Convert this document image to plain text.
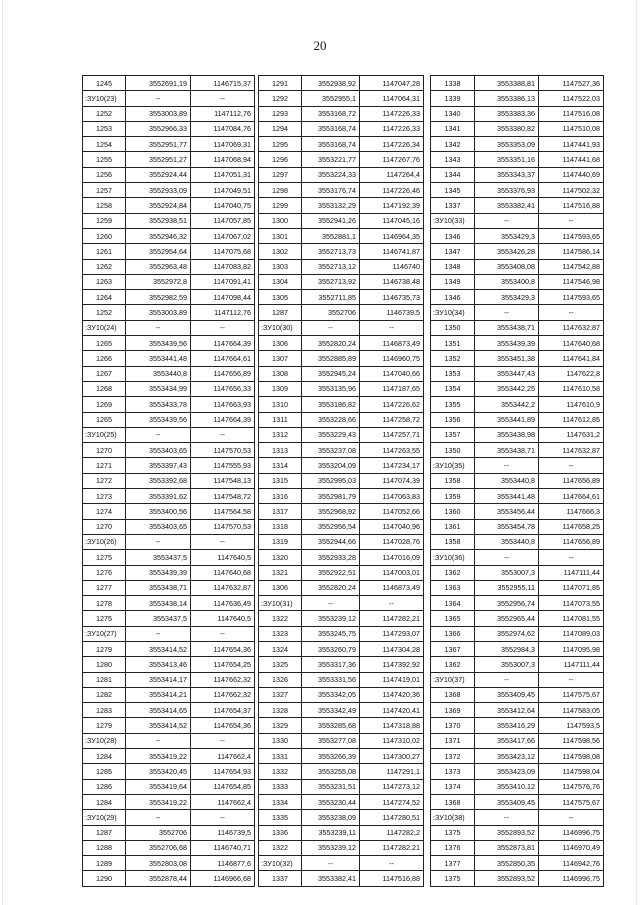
20
1245	3552691,19	1146715,37
:ЗУ10(23)	--	--
1252	3553003,89	1147112,76
1253	3552966,33	1147084,76
1254	3552951,77	1147069,31
1255	3552951,27	1147068,94
1256	3552924,44	1147051,31
1257	3552933,09	1147049,51
1258	3552924,84	1147040,75
1259	3552938,51	1147057,85
1260	3552946,32	1147067,02
1261	3552954,64	1147075,68
1262	3552963,48	1147083,82
1263	3552972,8	1147091,41
1264	3552982,59	1147098,44
1252	3553003,89	1147112,76
:ЗУ10(24)	--	--
1265	3553439,56	1147664,39
1266	3553441,48	1147664,61
1267	3553440,8	1147656,89
1268	3553434,99	1147656,33
1269	3553433,78	1147663,93
1265	3553439,56	1147664,39
:ЗУ10(25)	--	--
1270	3553403,65	1147570,53
1271	3553397,43	1147555,93
1272	3553392,68	1147548,13
1273	3553391,62	1147548,72
1274	3553400,56	1147564,58
1270	3553403,65	1147570,53
:ЗУ10(26)	--	--
1275	3553437,5	1147640,5
1276	3553439,39	1147640,68
1277	3553438,71	1147632,87
1278	3553438,14	1147636,49
1275	3553437,5	1147640,5
:ЗУ10(27)	--	--
1279	3553414,52	1147654,36
1280	3553413,46	1147654,25
1281	3553414,17	1147662,32
1282	3553414,21	1147662,32
1283	3553414,65	1147654,37
1279	3553414,52	1147654,36
:ЗУ10(28)	--	--
1284	3553419,22	1147662,4
1285	3553420,45	1147654,93
1286	3553419,64	1147654,85
1284	3553419,22	1147662,4
:ЗУ10(29)	--	--
1287	3552706	1146739,5
1288	3552706,68	1146740,71
1289	3552803,08	1146877,6
1290	3552878,44	1146966,68
1291	3552938,92	1147047,28
1292	3552955,1	1147064,31
1293	3553168,72	1147226,33
1294	3553168,74	1147226,33
1295	3553168,74	1147226,34
1296	3553221,77	1147267,76
1297	3553224,33	1147264,4
1298	3553176,74	1147226,46
1299	3553132,29	1147192,39
1300	3552941,26	1147045,16
1301	3552881,1	1146964,35
1302	3552713,73	1146741,87
1303	3552713,12	1146740
1304	3552713,92	1146738,48
1305	3552711,85	1146735,73
1287	3552706	1146739,5
:ЗУ10(30)	--	--
1306	3552820,24	1146873,49
1307	3552885,89	1146960,75
1308	3552945,24	1147040,66
1309	3553135,96	1147187,65
1310	3553186,82	1147226,62
1311	3553228,66	1147258,72
1312	3553229,43	1147257,71
1313	3553237,08	1147263,55
1314	3553204,09	1147234,17
1315	3552995,03	1147074,39
1316	3552981,79	1147063,83
1317	3552968,92	1147052,66
1318	3552956,54	1147040,96
1319	3552944,66	1147028,76
1320	3552933,28	1147016,09
1321	3552922,51	1147003,01
1306	3552820,24	1146873,49
:ЗУ10(31)	--	--
1322	3553239,12	1147282,21
1323	3553245,75	1147293,07
1324	3553260,79	1147304,28
1325	3553317,36	1147392,92
1326	3553331,56	1147419,01
1327	3553342,05	1147420,36
1328	3553342,49	1147420,41
1329	3553285,68	1147318,88
1330	3553277,08	1147310,02
1331	3553266,39	1147300,27
1332	3553255,08	1147291,1
1333	3553231,51	1147273,12
1334	3553230,44	1147274,52
1335	3553238,09	1147280,51
1336	3553239,11	1147282,2
1322	3553239,12	1147282,21
:ЗУ10(32)	--	--
1337	3553382,41	1147516,88
1338	3553388,81	1147527,36
1339	3553386,13	1147522,03
1340	3553383,36	1147516,08
1341	3553380,82	1147510,08
1342	3553353,09	1147441,93
1343	3553351,16	1147441,68
1344	3553343,37	1147440,69
1345	3553376,93	1147502,32
1337	3553382,41	1147516,88
:ЗУ10(33)	--	--
1346	3553429,3	1147593,65
1347	3553426,28	1147586,14
1348	3553408,08	1147542,88
1349	3553400,8	1147546,98
1346	3553429,3	1147593,65
:ЗУ10(34)	--	--
1350	3553438,71	1147632,87
1351	3553439,39	1147640,68
1352	3553451,38	1147641,84
1353	3553447,43	1147622,8
1354	3553442,25	1147610,58
1355	3553442,2	1147610,9
1356	3553441,89	1147612,85
1357	3553438,98	1147631,2
1350	3553438,71	1147632,87
:ЗУ10(35)	--	--
1358	3553440,8	1147656,89
1359	3553441,48	1147664,61
1360	3553456,44	1147666,3
1361	3553454,78	1147658,25
1358	3553440,8	1147656,89
:ЗУ10(36)	--	--
1362	3553007,3	1147111,44
1363	3552955,11	1147071,85
1364	3552956,74	1147073,55
1365	3552965,44	1147081,55
1366	3552974,62	1147089,03
1367	3552984,3	1147095,98
1362	3553007,3	1147111,44
:ЗУ10(37)	--	--
1368	3553409,45	1147575,67
1369	3553412,64	1147583,05
1370	3553416,29	1147593,5
1371	3553417,66	1147598,56
1372	3553423,12	1147598,08
1373	3553423,09	1147598,04
1374	3553410,12	1147576,76
1368	3553409,45	1147575,67
:ЗУ10(38)	--	--
1375	3552893,52	1146996,75
1376	3552873,81	1146970,49
1377	3552850,35	1146942,76
1375	3552893,52	1146996,75
